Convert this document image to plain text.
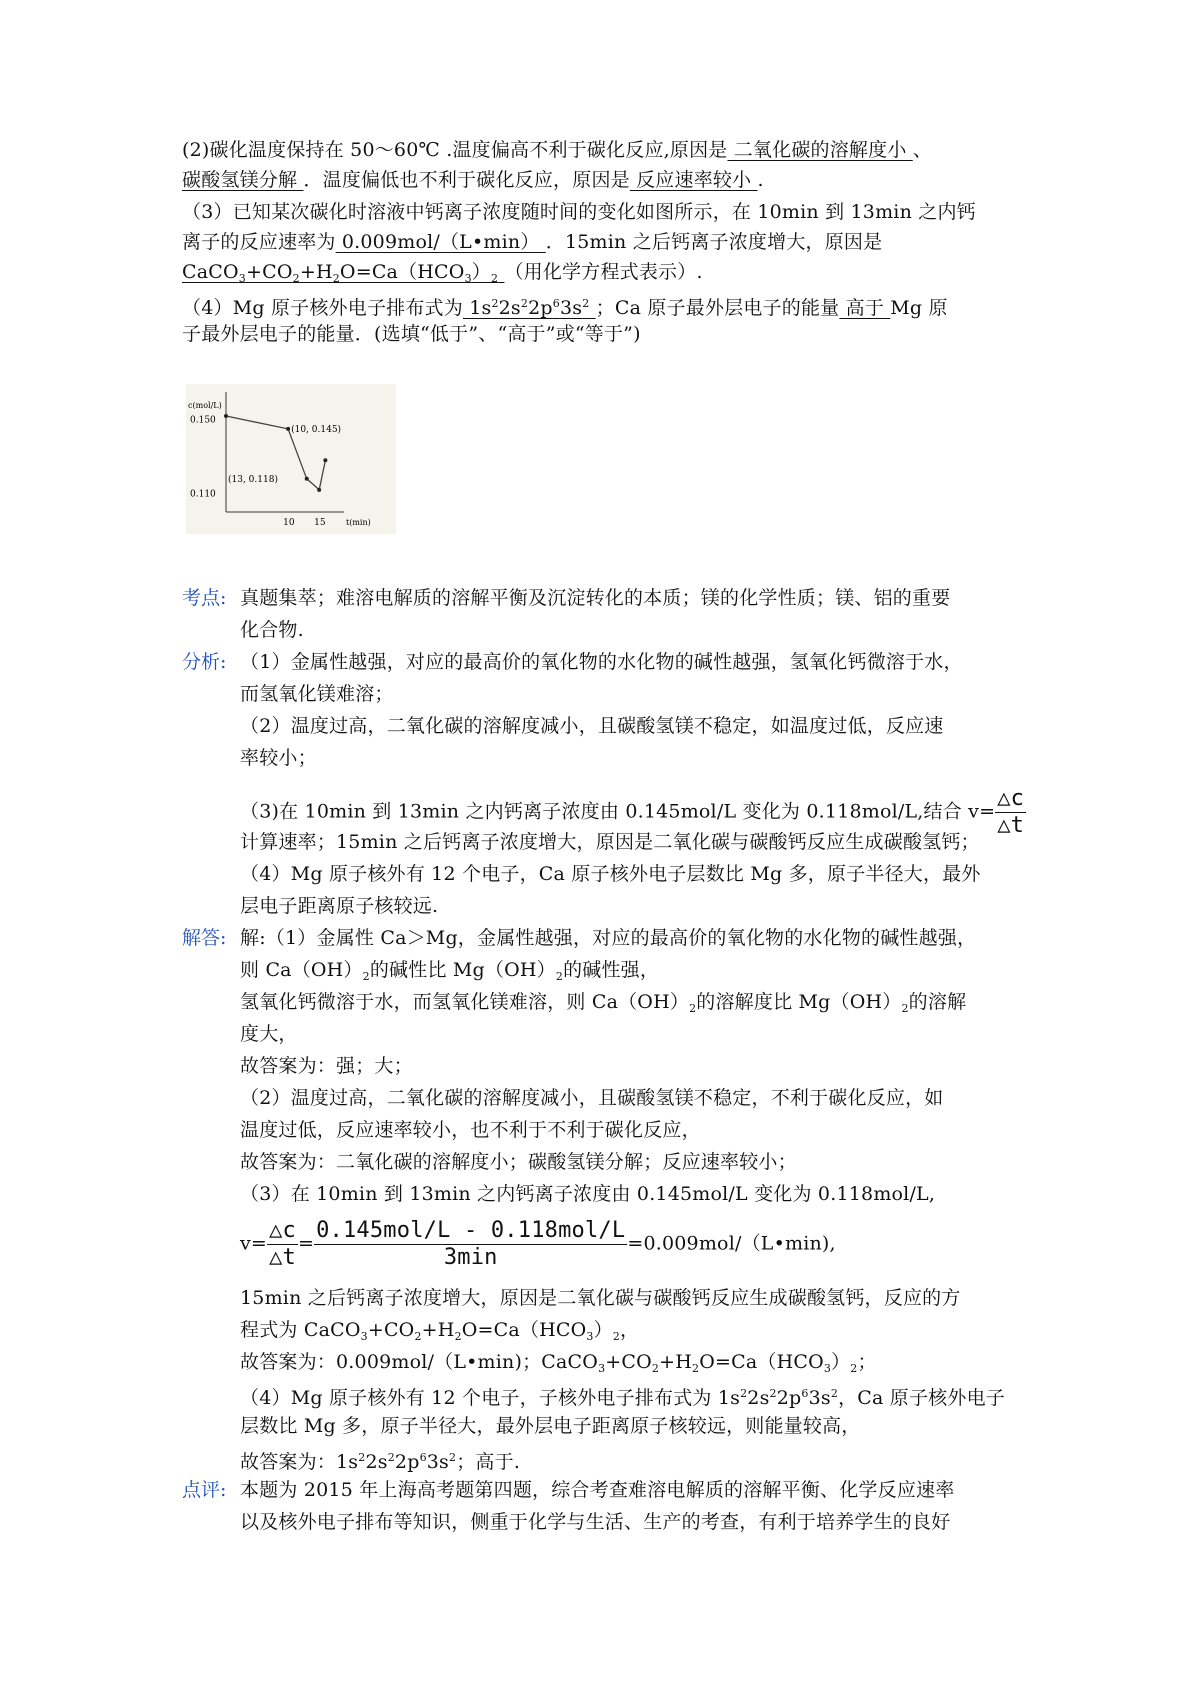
(2)碳化温度保持在 50～60℃ .温度偏高不利于碳化反应,原因是 二氧化碳的溶解度小 、
碳酸氢镁分解 ．温度偏低也不利于碳化反应，原因是 反应速率较小 .
（3）已知某次碳化时溶液中钙离子浓度随时间的变化如图所示，在 10min 到 13min 之内钙
离子的反应速率为 0.009mol/（L•min） ．15min 之后钙离子浓度增大，原因是
$CaCO_3+CO_2+H_2O=Ca(HCO_3)_2$ （用化学方程式表示）.
（4）Mg 原子核外电子排布式为 $1s^22s^22p^63s^2$ ；Ca 原子最外层电子的能量 高于 Mg 原
子最外层电子的能量．(选填“低于”、“高于”或“等于”)
c(mol/L)
t(min)
0.150
0.110
10 15
(10, 0.145)
(13, 0.118)
考点: 真题集萃；难溶电解质的溶解平衡及沉淀转化的本质；镁的化学性质；镁、铝的重要
化合物.
分析: （1）金属性越强，对应的最高价的氧化物的水化物的碱性越强，氢氧化钙微溶于水，
而氢氧化镁难溶；
（2）温度过高，二氧化碳的溶解度减小，且碳酸氢镁不稳定，如温度过低，反应速
率较小；
（3)在 10min 到 13min 之内钙离子浓度由 0.145mol/L 变化为 0.118mol/L,结合 $v= \frac{\triangle c}{\triangle t}$
计算速率；15min 之后钙离子浓度增大，原因是二氧化碳与碳酸钙反应生成碳酸氢钙；
（4）Mg 原子核外有 12 个电子，Ca 原子核外电子层数比 Mg 多，原子半径大，最外
层电子距离原子核较远.
解答: 解:（1）金属性 Ca＞Mg，金属性越强，对应的最高价的氧化物的水化物的碱性越强，
则 $Ca(OH)_2$的碱性比 $Mg(OH)_2$的碱性强，
氢氧化钙微溶于水，而氢氧化镁难溶，则 $Ca(OH)_2$的溶解度比 $Mg(OH)_2$的溶解
度大，
故答案为：强；大；
（2）温度过高，二氧化碳的溶解度减小，且碳酸氢镁不稳定，不利于碳化反应，如
温度过低，反应速率较小，也不利于不利于碳化反应，
故答案为：二氧化碳的溶解度小；碳酸氢镁分解；反应速率较小；
（3）在 10min 到 13min 之内钙离子浓度由 0.145mol/L 变化为 0.118mol/L,
$v= \frac{\triangle c}{\triangle t} = \frac{\text{0.145mol/L - 0.118mol/L}}{3\min}$ =0.009mol/（L•min),
15min 之后钙离子浓度增大，原因是二氧化碳与碳酸钙反应生成碳酸氢钙，反应的方
程式为 $CaCO_3+CO_2+H_2O=Ca(HCO_3)_2$，
故答案为：0.009mol/（L•min)；$CaCO_3+CO_2+H_2O=Ca(HCO_3)_2$；
（4）Mg 原子核外有 12 个电子，子核外电子排布式为 $1s^22s^22p^63s^2$，Ca 原子核外电子
层数比 Mg 多，原子半径大，最外层电子距离原子核较远，则能量较高，
故答案为：$1s^22s^22p^63s^2$；高于.
点评: 本题为 2015 年上海高考题第四题，综合考查难溶电解质的溶解平衡、化学反应速率
以及核外电子排布等知识，侧重于化学与生活、生产的考查，有利于培养学生的良好
